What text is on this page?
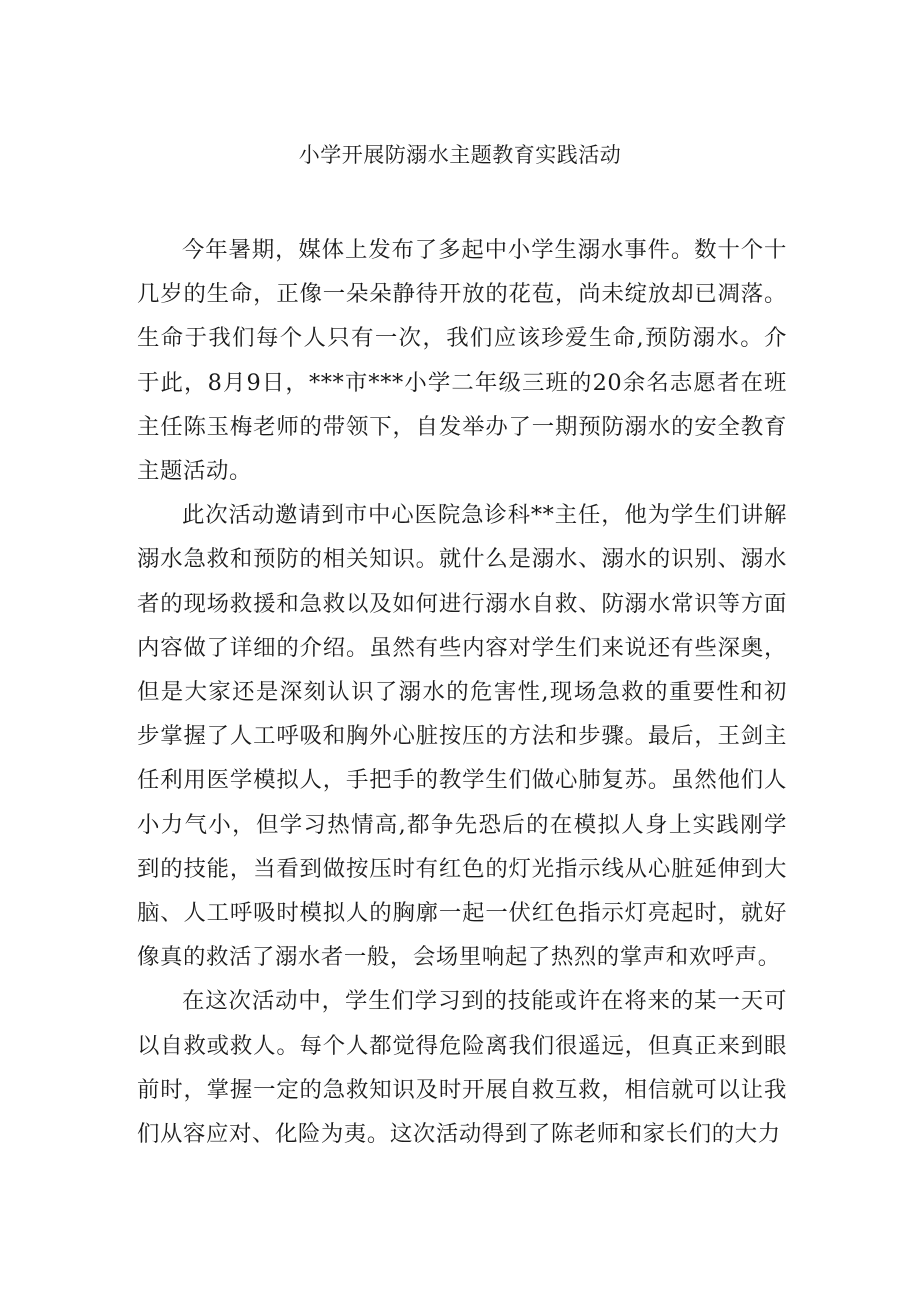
小学开展防溺水主题教育实践活动

今年暑期，媒体上发布了多起中小学生溺水事件。数十个十几岁的生命，正像一朵朵静待开放的花苞，尚未绽放却已凋落。生命于我们每个人只有一次，我们应该珍爱生命,预防溺水。介于此，8月9日，***市***小学二年级三班的20余名志愿者在班主任陈玉梅老师的带领下，自发举办了一期预防溺水的安全教育主题活动。

此次活动邀请到市中心医院急诊科**主任，他为学生们讲解溺水急救和预防的相关知识。就什么是溺水、溺水的识别、溺水者的现场救援和急救以及如何进行溺水自救、防溺水常识等方面内容做了详细的介绍。虽然有些内容对学生们来说还有些深奥，但是大家还是深刻认识了溺水的危害性,现场急救的重要性和初步掌握了人工呼吸和胸外心脏按压的方法和步骤。最后，王剑主任利用医学模拟人，手把手的教学生们做心肺复苏。虽然他们人小力气小，但学习热情高,都争先恐后的在模拟人身上实践刚学到的技能，当看到做按压时有红色的灯光指示线从心脏延伸到大脑、人工呼吸时模拟人的胸廓一起一伏红色指示灯亮起时，就好像真的救活了溺水者一般，会场里响起了热烈的掌声和欢呼声。

在这次活动中，学生们学习到的技能或许在将来的某一天可以自救或救人。每个人都觉得危险离我们很遥远，但真正来到眼前时，掌握一定的急救知识及时开展自救互救，相信就可以让我们从容应对、化险为夷。这次活动得到了陈老师和家长们的大力
